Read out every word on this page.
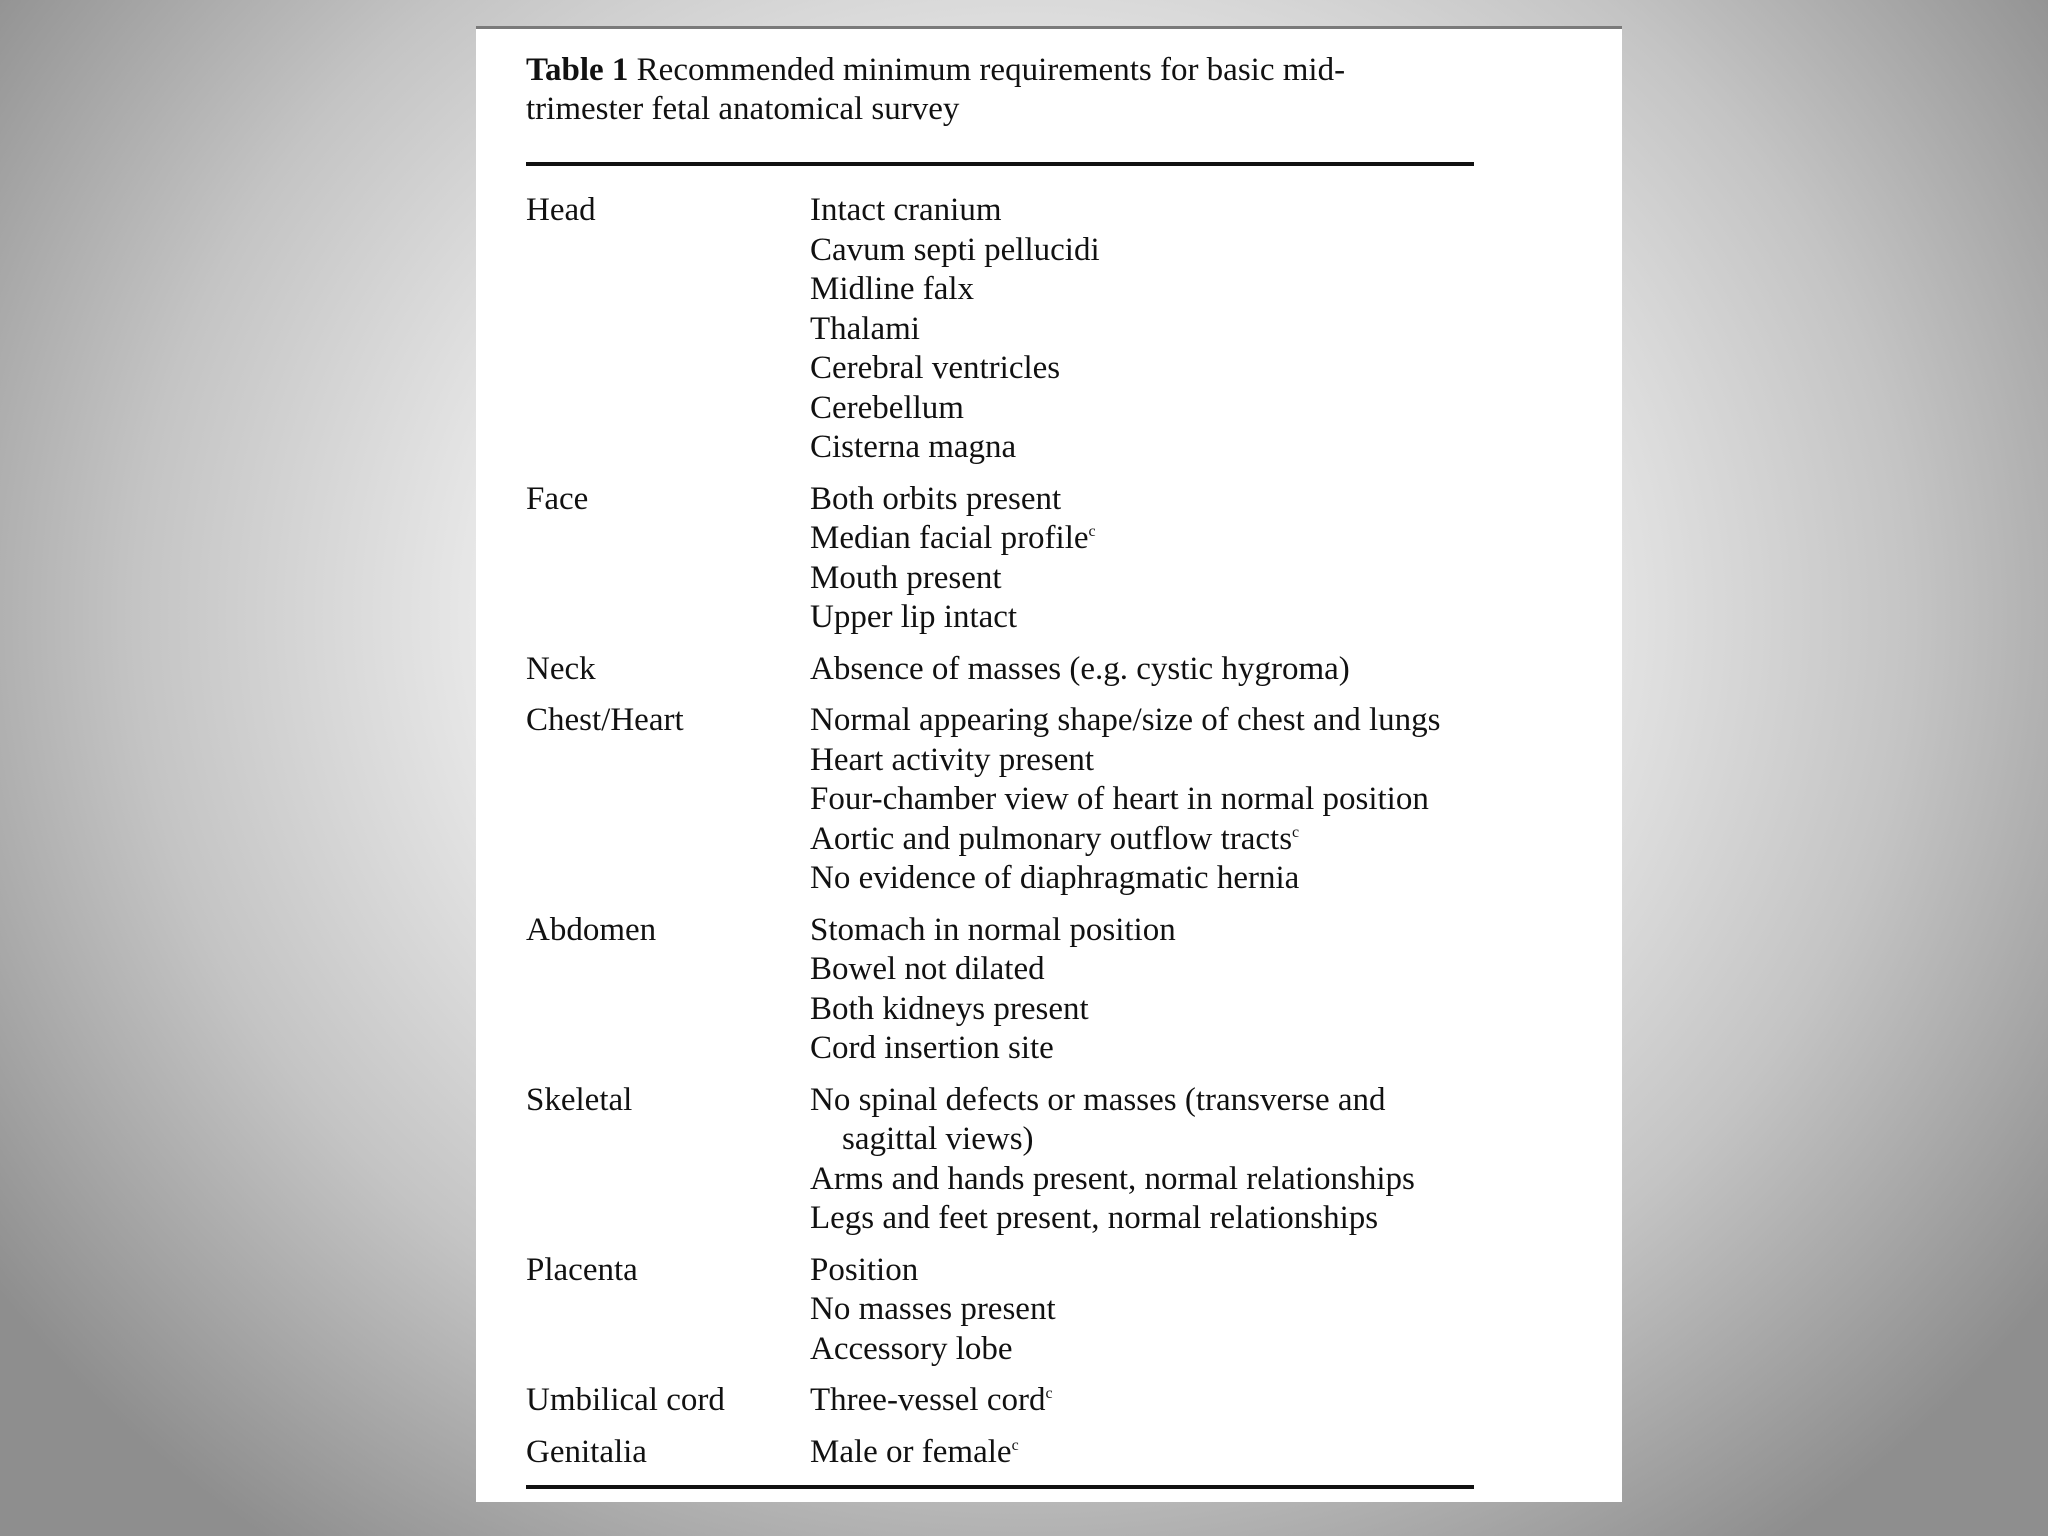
Table 1 Recommended minimum requirements for basic mid-trimester fetal anatomical survey
Head	Intact cranium
Cavum septi pellucidi
Midline falx
Thalami
Cerebral ventricles
Cerebellum
Cisterna magna
Face	Both orbits present
Median facial profile$^c$
Mouth present
Upper lip intact
Neck	Absence of masses (e.g. cystic hygroma)
Chest/Heart	Normal appearing shape/size of chest and lungs
Heart activity present
Four-chamber view of heart in normal position
Aortic and pulmonary outflow tracts$^c$
No evidence of diaphragmatic hernia
Abdomen	Stomach in normal position
Bowel not dilated
Both kidneys present
Cord insertion site
Skeletal	No spinal defects or masses (transverse and sagittal views)
Arms and hands present, normal relationships
Legs and feet present, normal relationships
Placenta	Position
No masses present
Accessory lobe
Umbilical cord	Three-vessel cord$^c$
Genitalia	Male or female$^c$
